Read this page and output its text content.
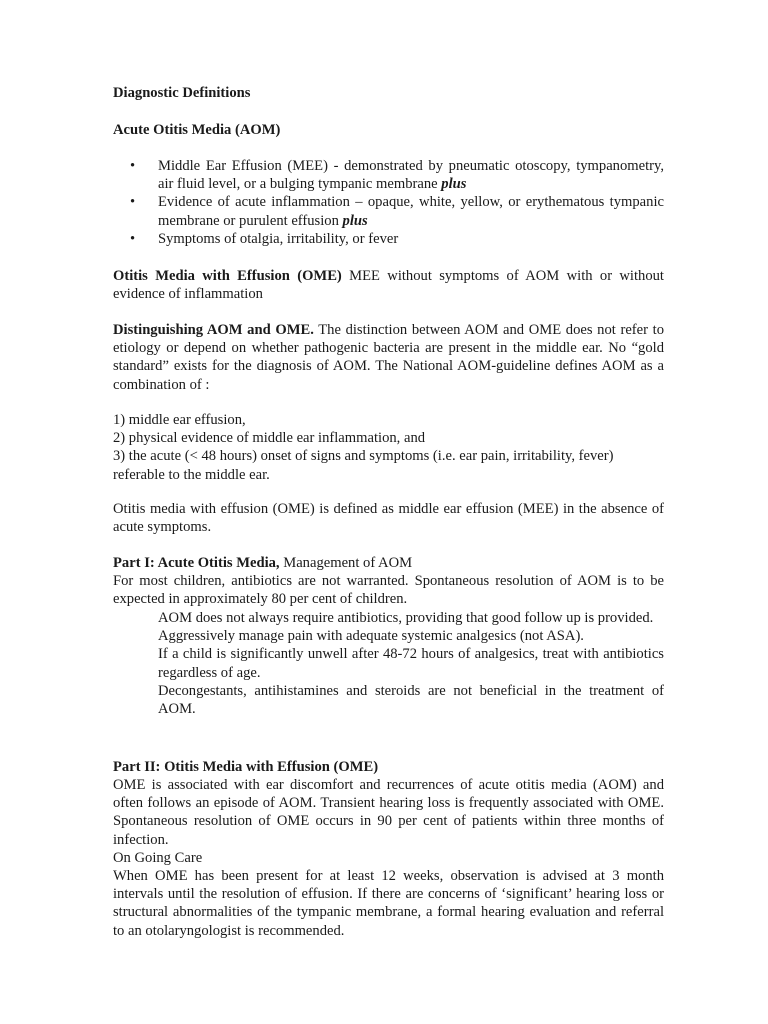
Diagnostic Definitions

Acute Otitis Media (AOM)

• Middle Ear Effusion (MEE) - demonstrated by pneumatic otoscopy, tympanometry, air fluid level, or a bulging tympanic membrane plus
• Evidence of acute inflammation – opaque, white, yellow, or erythematous tympanic membrane or purulent effusion plus
• Symptoms of otalgia, irritability, or fever

Otitis Media with Effusion (OME) MEE without symptoms of AOM with or without evidence of inflammation

Distinguishing AOM and OME. The distinction between AOM and OME does not refer to etiology or depend on whether pathogenic bacteria are present in the middle ear. No “gold standard” exists for the diagnosis of AOM. The National AOM-guideline defines AOM as a combination of :

1) middle ear effusion,
2) physical evidence of middle ear inflammation, and
3) the acute (< 48 hours) onset of signs and symptoms (i.e. ear pain, irritability, fever) referable to the middle ear.

Otitis media with effusion (OME) is defined as middle ear effusion (MEE) in the absence of acute symptoms.

Part I: Acute Otitis Media, Management of AOM

For most children, antibiotics are not warranted. Spontaneous resolution of AOM is to be expected in approximately 80 per cent of children.

AOM does not always require antibiotics, providing that good follow up is provided.
Aggressively manage pain with adequate systemic analgesics (not ASA).
If a child is significantly unwell after 48-72 hours of analgesics, treat with antibiotics regardless of age.
Decongestants, antihistamines and steroids are not beneficial in the treatment of AOM.

Part II: Otitis Media with Effusion (OME)

OME is associated with ear discomfort and recurrences of acute otitis media (AOM) and often follows an episode of AOM. Transient hearing loss is frequently associated with OME. Spontaneous resolution of OME occurs in 90 per cent of patients within three months of infection.

On Going Care

When OME has been present for at least 12 weeks, observation is advised at 3 month intervals until the resolution of effusion. If there are concerns of ‘significant’ hearing loss or structural abnormalities of the tympanic membrane, a formal hearing evaluation and referral to an otolaryngologist is recommended.
